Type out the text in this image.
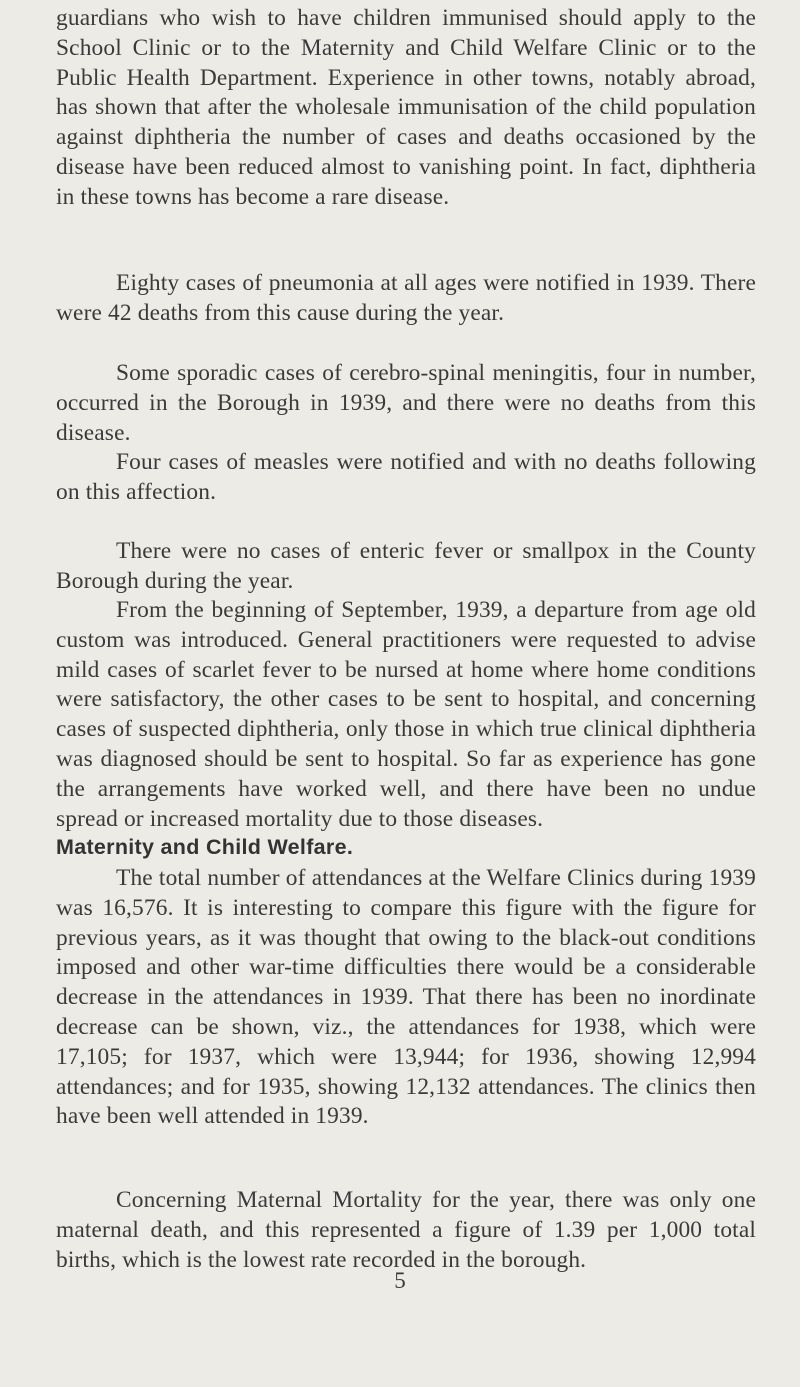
guardians who wish to have children immunised should apply to the School Clinic or to the Maternity and Child Welfare Clinic or to the Public Health Department. Experience in other towns, notably abroad, has shown that after the wholesale immunisation of the child population against diphtheria the number of cases and deaths occasioned by the disease have been reduced almost to vanishing point. In fact, diphtheria in these towns has become a rare disease.

Eighty cases of pneumonia at all ages were notified in 1939. There were 42 deaths from this cause during the year.

Some sporadic cases of cerebro-spinal meningitis, four in number, occurred in the Borough in 1939, and there were no deaths from this disease.

Four cases of measles were notified and with no deaths following on this affection.

There were no cases of enteric fever or smallpox in the County Borough during the year.

From the beginning of September, 1939, a departure from age old custom was introduced. General practitioners were requested to advise mild cases of scarlet fever to be nursed at home where home conditions were satisfactory, the other cases to be sent to hospital, and concerning cases of suspected diphtheria, only those in which true clinical diphtheria was diagnosed should be sent to hospital. So far as experience has gone the arrangements have worked well, and there have been no undue spread or increased mortality due to those diseases.

Maternity and Child Welfare.

The total number of attendances at the Welfare Clinics during 1939 was 16,576. It is interesting to compare this figure with the figure for previous years, as it was thought that owing to the black-out conditions imposed and other war-time difficulties there would be a considerable decrease in the attendances in 1939. That there has been no inordinate decrease can be shown, viz., the attendances for 1938, which were 17,105; for 1937, which were 13,944; for 1936, showing 12,994 attendances; and for 1935, showing 12,132 attendances. The clinics then have been well attended in 1939.

Concerning Maternal Mortality for the year, there was only one maternal death, and this represented a figure of 1.39 per 1,000 total births, which is the lowest rate recorded in the borough.

5
